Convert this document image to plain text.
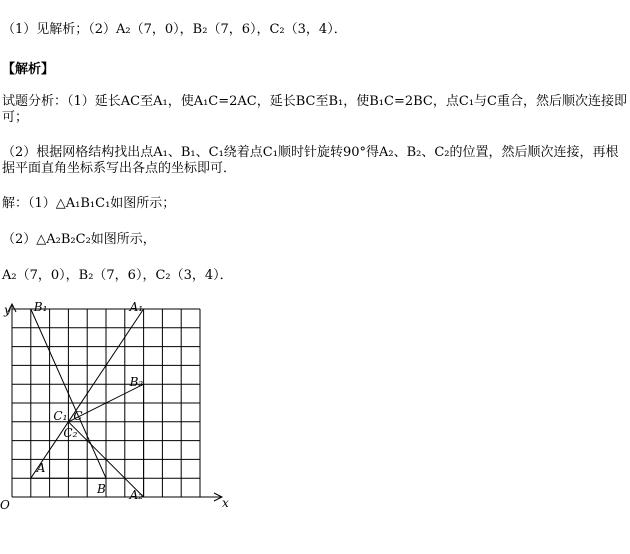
（1）见解析；（2）A₂（7，0），B₂（7，6），C₂（3，4）．
【解析】
试题分析：（1）延长AC至A₁，使A₁C=2AC，延长BC至B₁，使B₁C=2BC，点C₁与C重合，然后顺次连接即可；
（2）根据网格结构找出点A₁、B₁、C₁绕着点C₁顺时针旋转90°得A₂、B₂、C₂的位置，然后顺次连接，再根据平面直角坐标系写出各点的坐标即可．
解：（1）△A₁B₁C₁如图所示；
（2）△A₂B₂C₂如图所示，
A₂（7，0），B₂（7，6），C₂（3，4）．
A
B
C
A₁
B₁
C₁
A₂
B₂
C₂
x
y
O
